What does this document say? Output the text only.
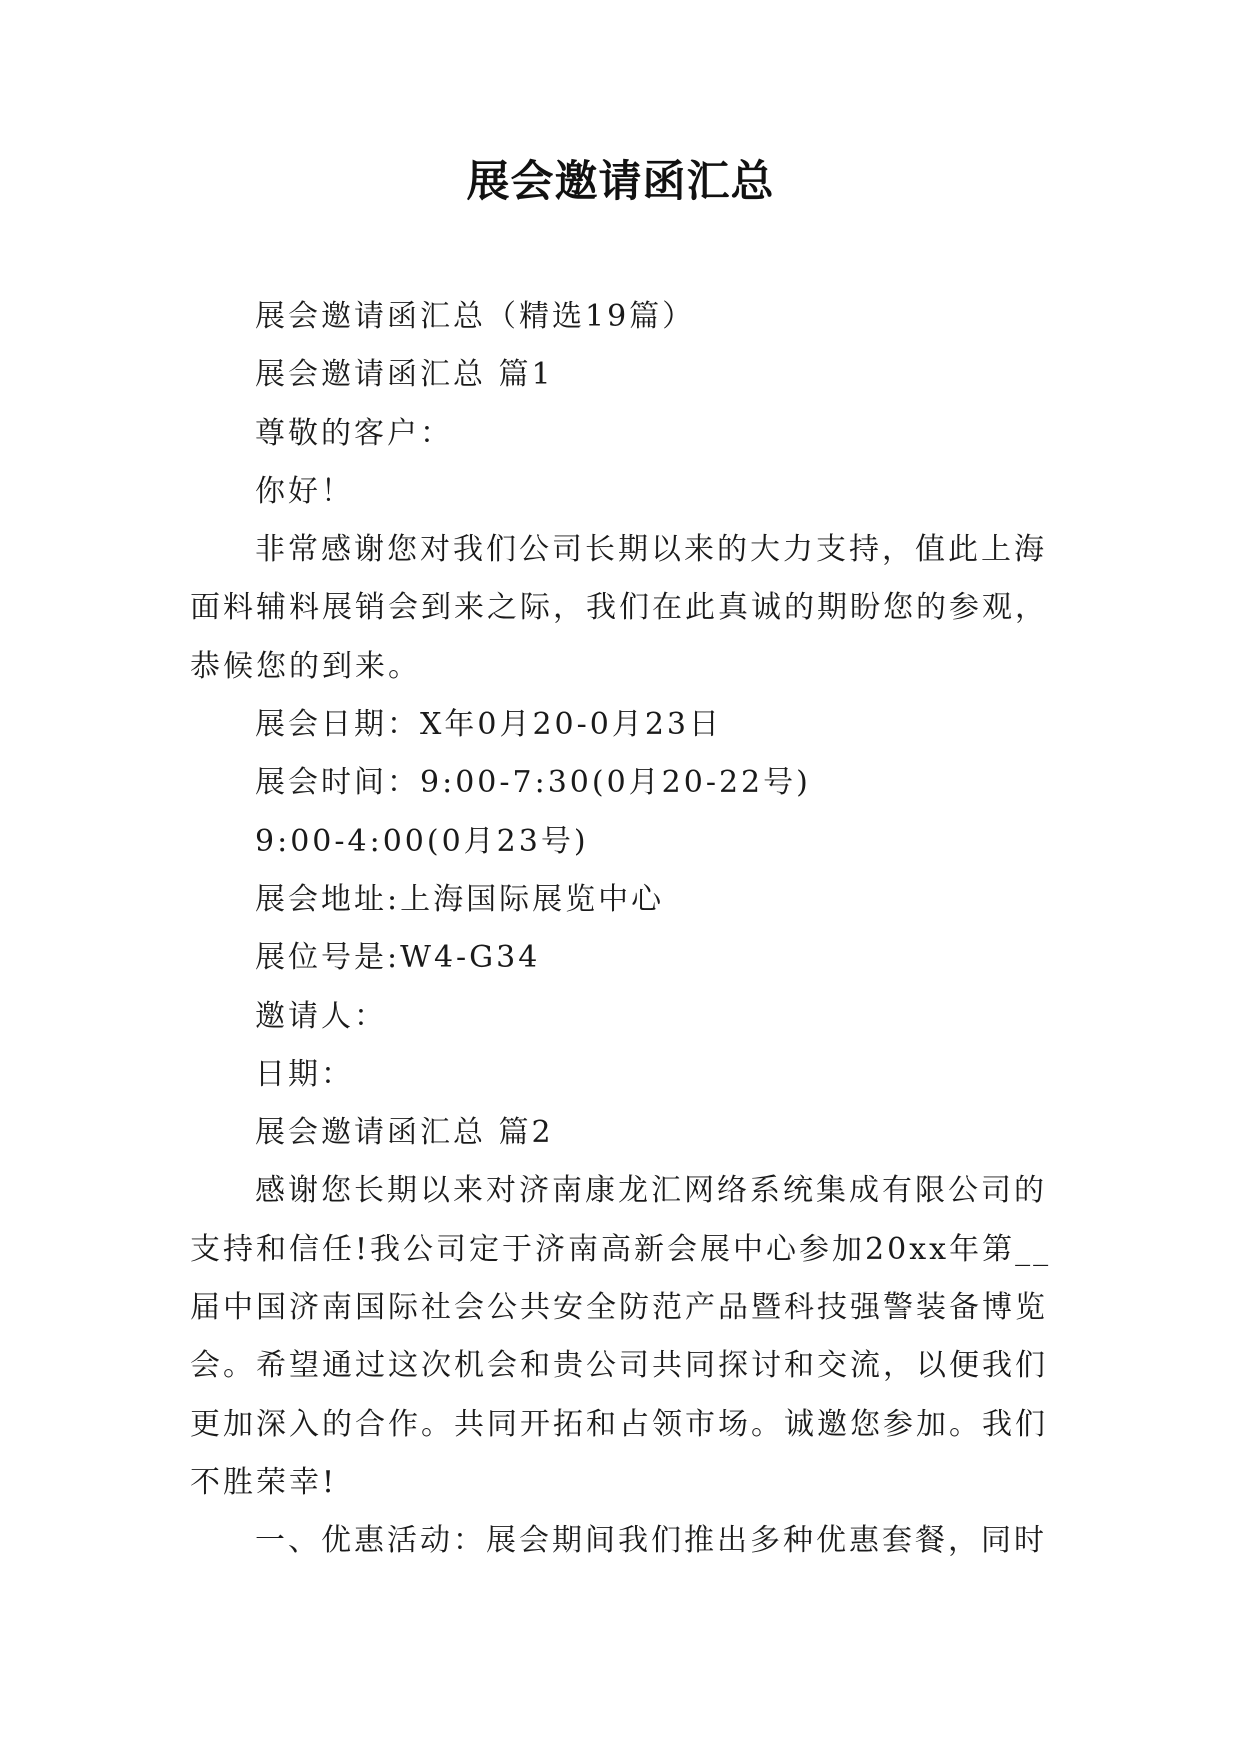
展会邀请函汇总

展会邀请函汇总（精选19篇）

展会邀请函汇总 篇1

尊敬的客户：

你好！

非常感谢您对我们公司长期以来的大力支持，值此上海面料辅料展销会到来之际，我们在此真诚的期盼您的参观，恭候您的到来。

展会日期：X年0月20-0月23日

展会时间：9:00-7:30(0月20-22号)

9:00-4:00(0月23号)

展会地址:上海国际展览中心

展位号是:W4-G34

邀请人：

日期：

展会邀请函汇总 篇2

感谢您长期以来对济南康龙汇网络系统集成有限公司的支持和信任!我公司定于济南高新会展中心参加20xx年第__届中国济南国际社会公共安全防范产品暨科技强警装备博览会。希望通过这次机会和贵公司共同探讨和交流，以便我们更加深入的合作。共同开拓和占领市场。诚邀您参加。我们不胜荣幸!

一、优惠活动：展会期间我们推出多种优惠套餐，同时
